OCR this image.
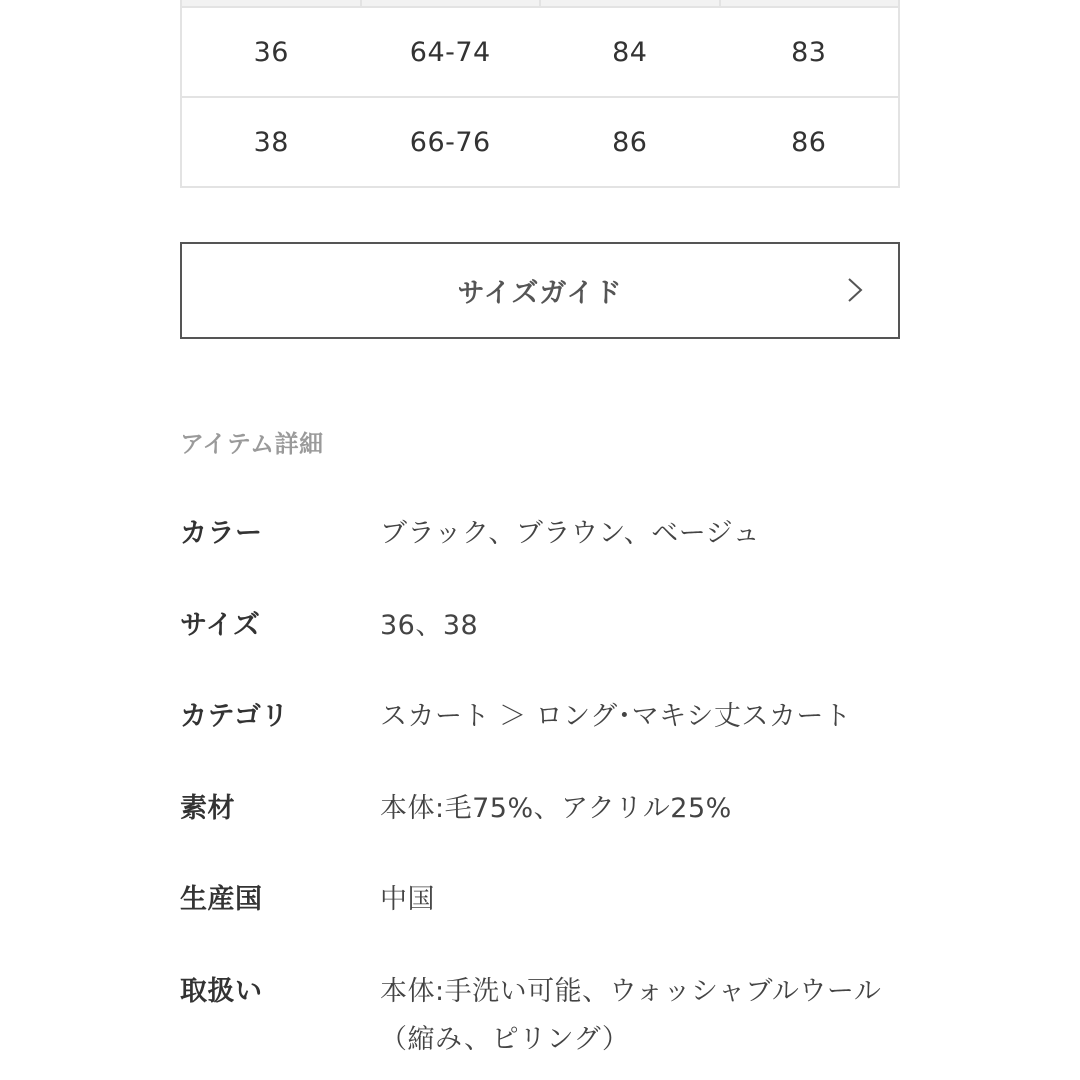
36	64-74	84	83
38	66-76	86	86
サイズガイド
アイテム詳細
カラー	ブラック、ブラウン、ベージュ
サイズ	36、38
カテゴリ	スカート ＞ ロング･マキシ丈スカート
素材	本体:毛75%、アクリル25%
生産国	中国
取扱い	本体:手洗い可能、ウォッシャブルウール
（縮み、ピリング）
